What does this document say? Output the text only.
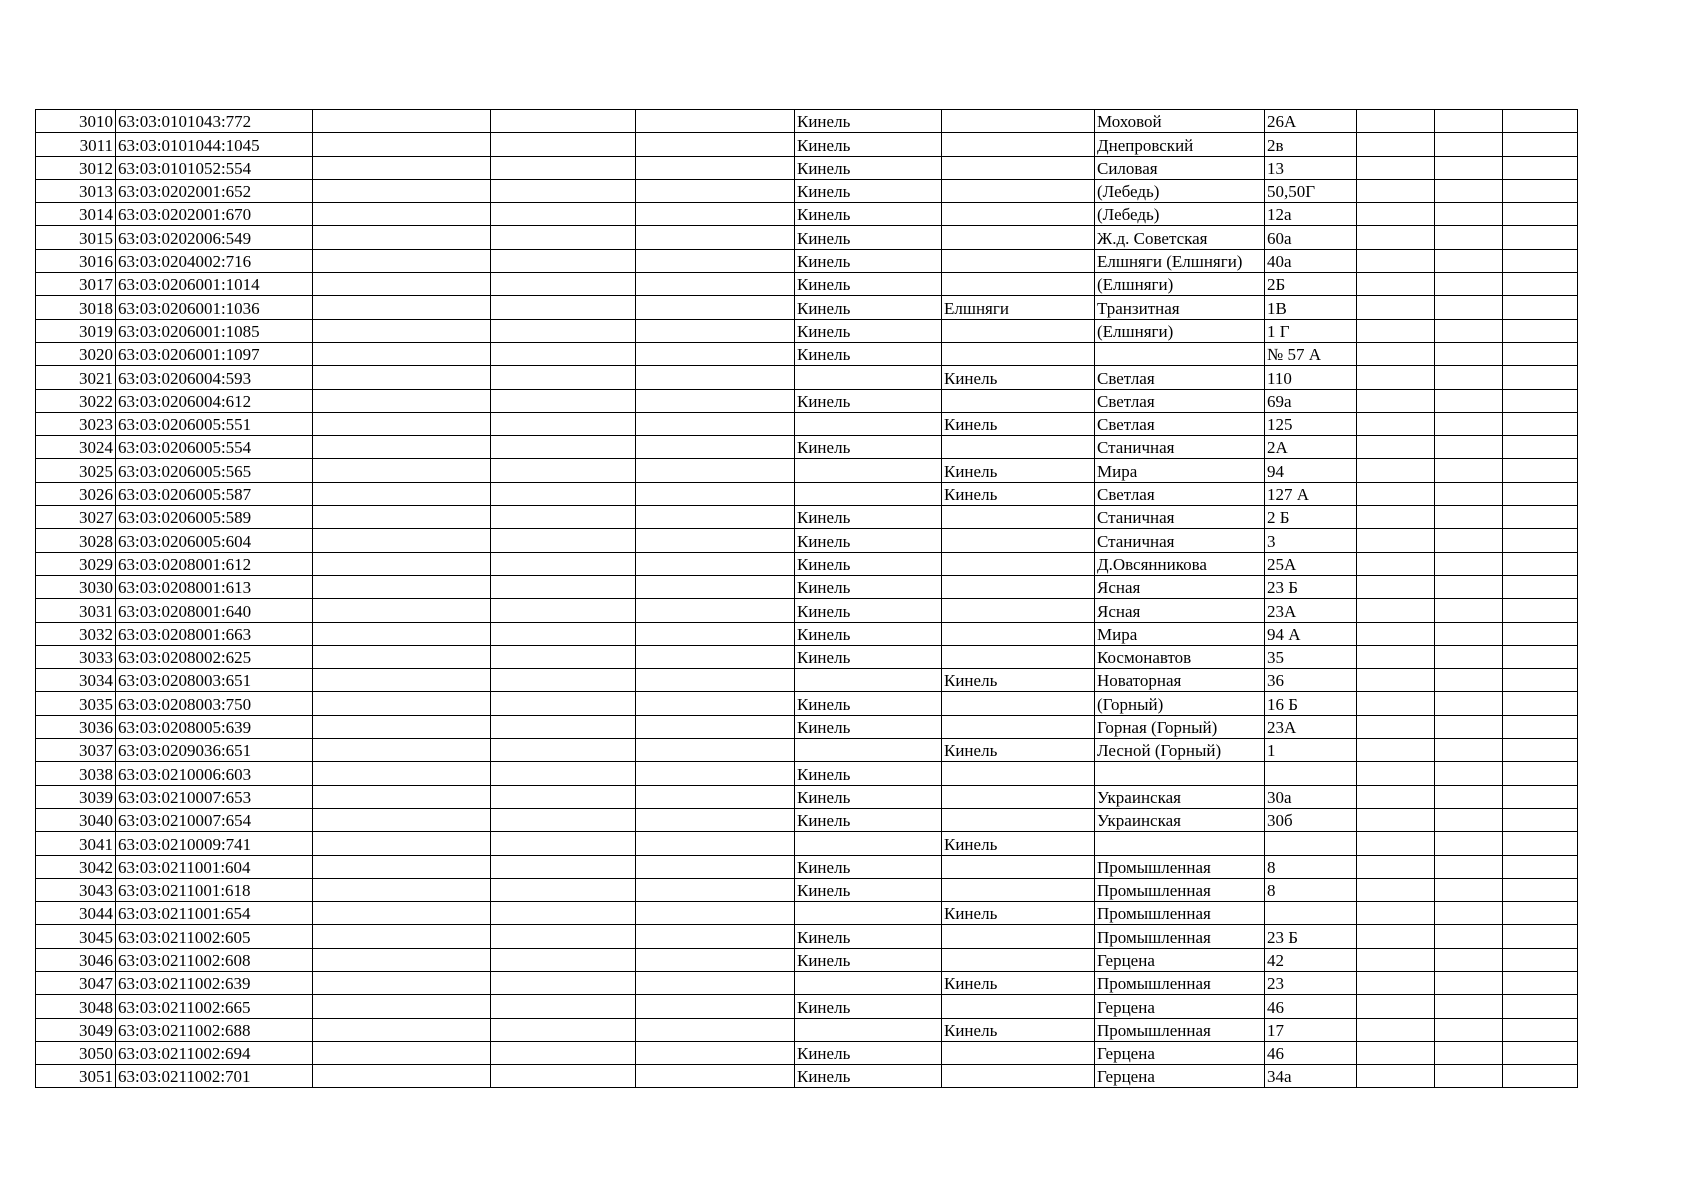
3010	63:03:0101043:772				Кинель		Моховой	26А			
3011	63:03:0101044:1045				Кинель		Днепровский	2в			
3012	63:03:0101052:554				Кинель		Силовая	13			
3013	63:03:0202001:652				Кинель		(Лебедь)	50,50Г			
3014	63:03:0202001:670				Кинель		(Лебедь)	12а			
3015	63:03:0202006:549				Кинель		Ж.д. Советская	60а			
3016	63:03:0204002:716				Кинель		Елшняги (Елшняги)	40а			
3017	63:03:0206001:1014				Кинель		(Елшняги)	2Б			
3018	63:03:0206001:1036				Кинель	Елшняги	Транзитная	1В			
3019	63:03:0206001:1085				Кинель		(Елшняги)	1 Г			
3020	63:03:0206001:1097				Кинель			№ 57 А			
3021	63:03:0206004:593					Кинель	Светлая	110			
3022	63:03:0206004:612				Кинель		Светлая	69а			
3023	63:03:0206005:551					Кинель	Светлая	125			
3024	63:03:0206005:554				Кинель		Станичная	2А			
3025	63:03:0206005:565					Кинель	Мира	94			
3026	63:03:0206005:587					Кинель	Светлая	127 А			
3027	63:03:0206005:589				Кинель		Станичная	2 Б			
3028	63:03:0206005:604				Кинель		Станичная	3			
3029	63:03:0208001:612				Кинель		Д.Овсянникова	25А			
3030	63:03:0208001:613				Кинель		Ясная	23 Б			
3031	63:03:0208001:640				Кинель		Ясная	23А			
3032	63:03:0208001:663				Кинель		Мира	94 А			
3033	63:03:0208002:625				Кинель		Космонавтов	35			
3034	63:03:0208003:651					Кинель	Новаторная	36			
3035	63:03:0208003:750				Кинель		(Горный)	16 Б			
3036	63:03:0208005:639				Кинель		Горная (Горный)	23А			
3037	63:03:0209036:651					Кинель	Лесной (Горный)	1			
3038	63:03:0210006:603				Кинель						
3039	63:03:0210007:653				Кинель		Украинская	30а			
3040	63:03:0210007:654				Кинель		Украинская	30б			
3041	63:03:0210009:741					Кинель					
3042	63:03:0211001:604				Кинель		Промышленная	8			
3043	63:03:0211001:618				Кинель		Промышленная	8			
3044	63:03:0211001:654					Кинель	Промышленная				
3045	63:03:0211002:605				Кинель		Промышленная	23 Б			
3046	63:03:0211002:608				Кинель		Герцена	42			
3047	63:03:0211002:639					Кинель	Промышленная	23			
3048	63:03:0211002:665				Кинель		Герцена	46			
3049	63:03:0211002:688					Кинель	Промышленная	17			
3050	63:03:0211002:694				Кинель		Герцена	46			
3051	63:03:0211002:701				Кинель		Герцена	34а			
